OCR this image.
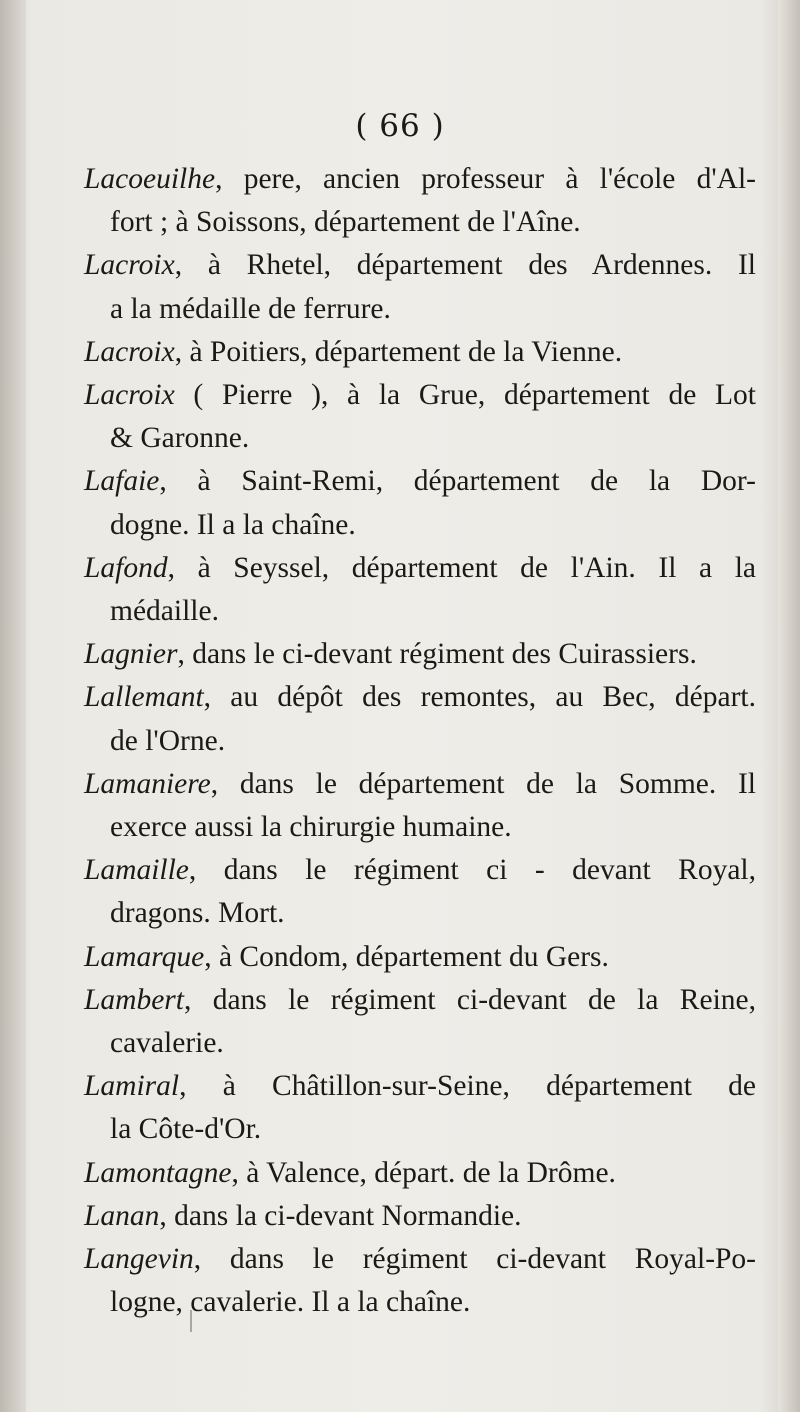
( 66 )
Lacoeuilhe, pere, ancien professeur à l'école d'Al-
fort ; à Soissons, département de l'Aîne.
Lacroix, à Rhetel, département des Ardennes. Il
a la médaille de ferrure.
Lacroix, à Poitiers, département de la Vienne.
Lacroix ( Pierre ), à la Grue, département de Lot
& Garonne.
Lafaie, à Saint-Remi, département de la Dor-
dogne. Il a la chaîne.
Lafond, à Seyssel, département de l'Ain. Il a la
médaille.
Lagnier, dans le ci-devant régiment des Cuirassiers.
Lallemant, au dépôt des remontes, au Bec, départ.
de l'Orne.
Lamaniere, dans le département de la Somme. Il
exerce aussi la chirurgie humaine.
Lamaille, dans le régiment ci - devant Royal,
dragons. Mort.
Lamarque, à Condom, département du Gers.
Lambert, dans le régiment ci-devant de la Reine,
cavalerie.
Lamiral, à Châtillon-sur-Seine, département de
la Côte-d'Or.
Lamontagne, à Valence, départ. de la Drôme.
Lanan, dans la ci-devant Normandie.
Langevin, dans le régiment ci-devant Royal-Po-
logne, cavalerie. Il a la chaîne.
